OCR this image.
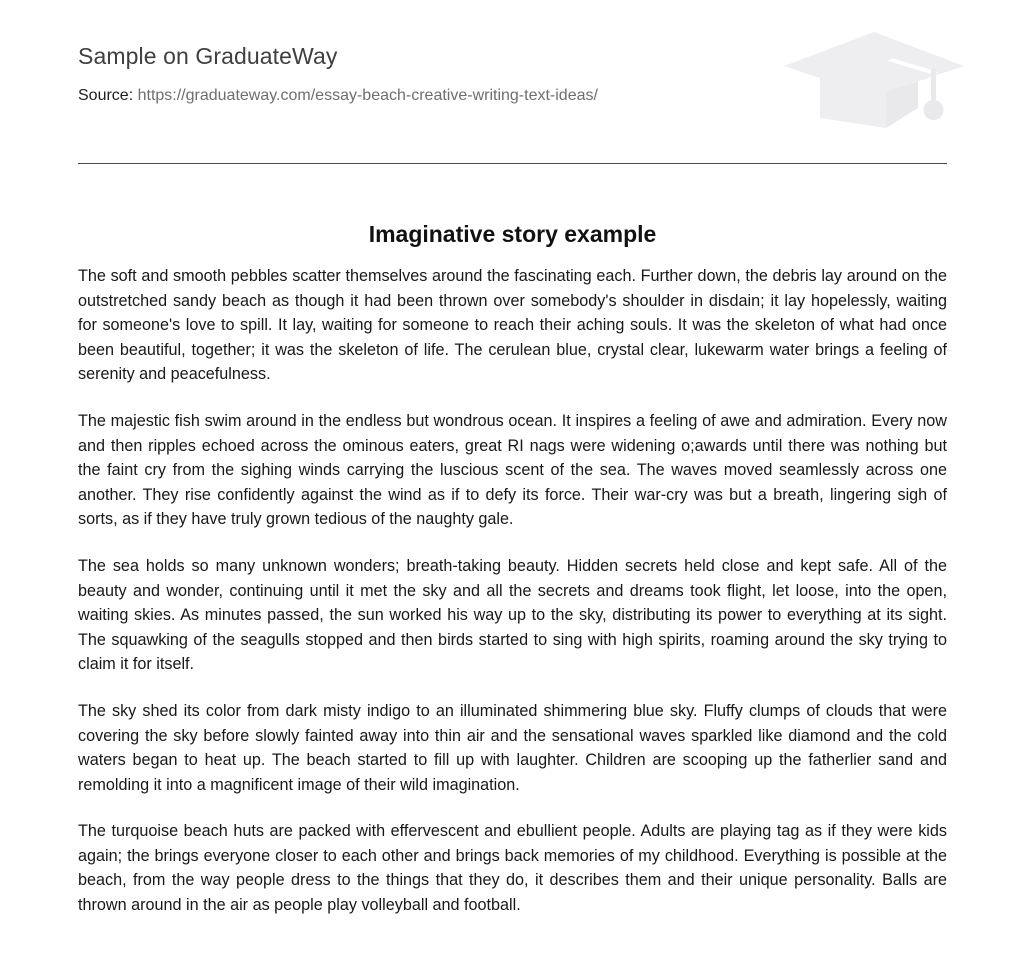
Sample on GraduateWay
Source: https://graduateway.com/essay-beach-creative-writing-text-ideas/
Imaginative story example

The soft and smooth pebbles scatter themselves around the fascinating each. Further down, the debris lay around on the outstretched sandy beach as though it had been thrown over somebody's shoulder in disdain; it lay hopelessly, waiting for someone's love to spill. It lay, waiting for someone to reach their aching souls. It was the skeleton of what had once been beautiful, together; it was the skeleton of life. The cerulean blue, crystal clear, lukewarm water brings a feeling of serenity and peacefulness.

The majestic fish swim around in the endless but wondrous ocean. It inspires a feeling of awe and admiration. Every now and then ripples echoed across the ominous eaters, great RI nags were widening o;awards until there was nothing but the faint cry from the sighing winds carrying the luscious scent of the sea. The waves moved seamlessly across one another. They rise confidently against the wind as if to defy its force. Their war-cry was but a breath, lingering sigh of sorts, as if they have truly grown tedious of the naughty gale.

The sea holds so many unknown wonders; breath-taking beauty. Hidden secrets held close and kept safe. All of the beauty and wonder, continuing until it met the sky and all the secrets and dreams took flight, let loose, into the open, waiting skies. As minutes passed, the sun worked his way up to the sky, distributing its power to everything at its sight. The squawking of the seagulls stopped and then birds started to sing with high spirits, roaming around the sky trying to claim it for itself.

The sky shed its color from dark misty indigo to an illuminated shimmering blue sky. Fluffy clumps of clouds that were covering the sky before slowly fainted away into thin air and the sensational waves sparkled like diamond and the cold waters began to heat up. The beach started to fill up with laughter. Children are scooping up the fatherlier sand and remolding it into a magnificent image of their wild imagination.

The turquoise beach huts are packed with effervescent and ebullient people. Adults are playing tag as if they were kids again; the brings everyone closer to each other and brings back memories of my childhood. Everything is possible at the beach, from the way people dress to the things that they do, it describes them and their unique personality. Balls are thrown around in the air as people play volleyball and football.
